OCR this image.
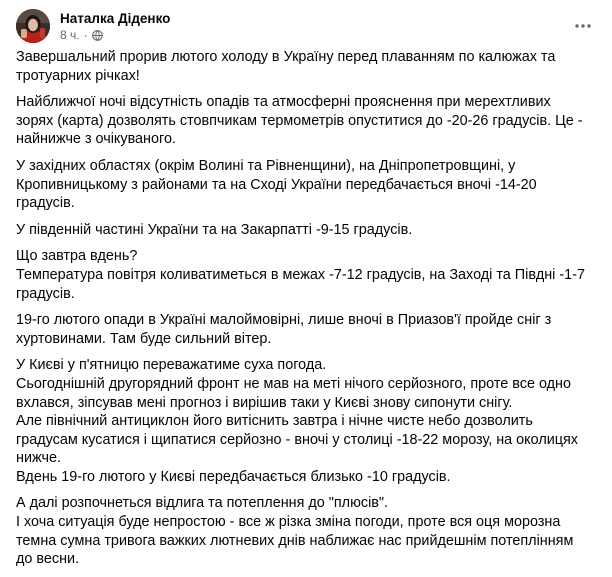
Наталка Діденко
8 ч. ·

Завершальний прорив лютого холоду в Україну перед плаванням по калюжах та тротуарних річках!

Найближчої ночі відсутність опадів та атмосферні прояснення при мерехтливих зорях (карта) дозволять стовпчикам термометрів опуститися до -20-26 градусів. Це - найнижче з очікуваного.

У західних областях (окрім Волині та Рівненщини), на Дніпропетровщині, у Кропивницькому з районами та на Сході України передбачається вночі -14-20 градусів.

У південній частині України та на Закарпатті -9-15 градусів.

Що завтра вдень?
Температура повітря коливатиметься в межах -7-12 градусів, на Заході та Півдні -1-7 градусів.

19-го лютого опади в Україні малоймовірні, лише вночі в Приазов'ї пройде сніг з хуртовинами. Там буде сильний вітер.

У Києві у п'ятницю переважатиме суха погода.
Сьогоднішній другорядний фронт не мав на меті нічого серйозного, проте все одно вхлався, зіпсував мені прогноз і вирішив таки у Києві знову сипонути снігу.
Але північний антициклон його витіснить завтра і нічне чисте небо дозволить градусам кусатися і щипатися серйозно - вночі у столиці -18-22 морозу, на околицях нижче.
Вдень 19-го лютого у Києві передбачається близько -10 градусів.

А далі розпочнеться відлига та потеплення до "плюсів".
І хоча ситуація буде непростою - все ж різка зміна погоди, проте вся оця морозна темна сумна тривога важких лютневих днів наближає нас прийдешнім потеплінням до весни.
